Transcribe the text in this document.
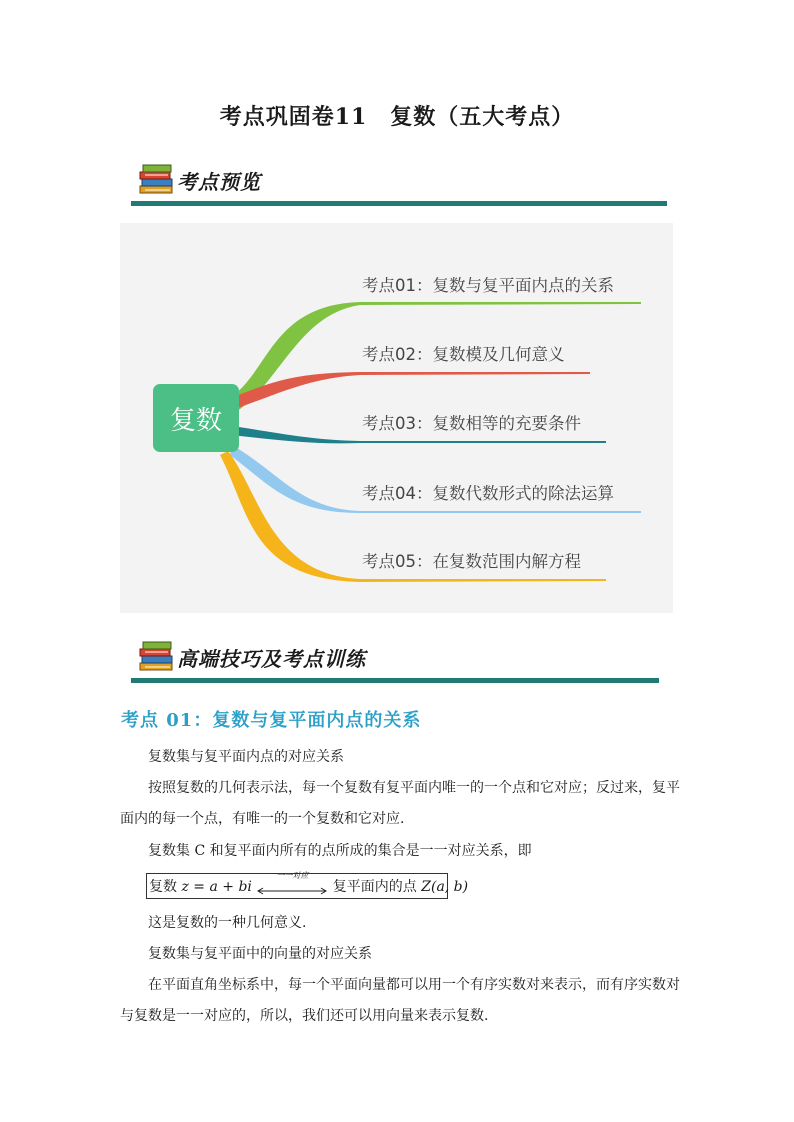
考点巩固卷11　复数（五大考点）
考点预览
复数
考点01：复数与复平面内点的关系
考点02：复数模及几何意义
考点03：复数相等的充要条件
考点04：复数代数形式的除法运算
考点05：在复数范围内解方程
高端技巧及考点训练
考点 01：复数与复平面内点的关系
复数集与复平面内点的对应关系
按照复数的几何表示法，每一个复数有复平面内唯一的一个点和它对应；反过来，复平面内的每一个点，有唯一的一个复数和它对应.
复数集 C 和复平面内所有的点所成的集合是一一对应关系，即
复数 z = a + bi
一一对应
复平面内的点 Z(a, b)
这是复数的一种几何意义.
复数集与复平面中的向量的对应关系
在平面直角坐标系中，每一个平面向量都可以用一个有序实数对来表示，而有序实数对与复数是一一对应的，所以，我们还可以用向量来表示复数.
